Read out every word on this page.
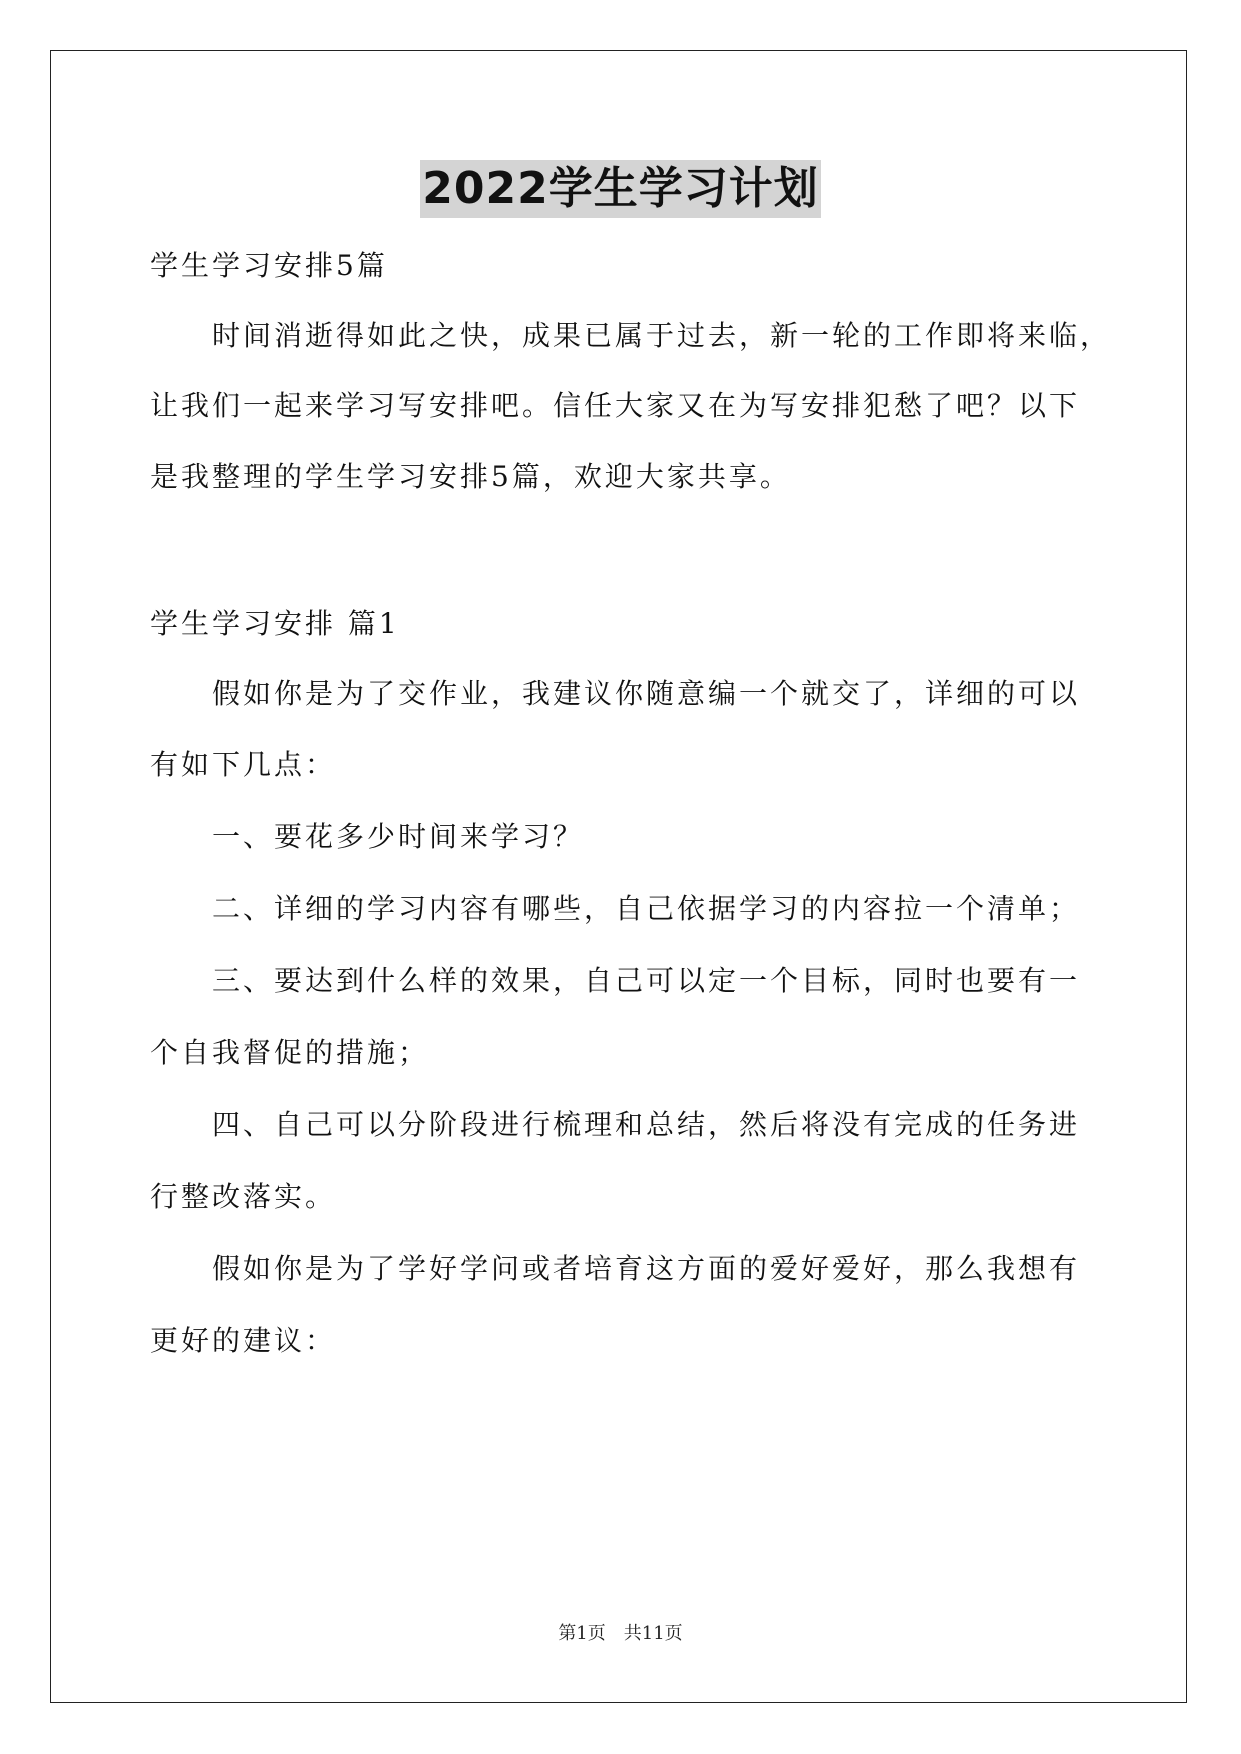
2022学生学习计划
学生学习安排5篇
时间消逝得如此之快，成果已属于过去，新一轮的工作即将来临，
让我们一起来学习写安排吧。信任大家又在为写安排犯愁了吧？以下
是我整理的学生学习安排5篇，欢迎大家共享。
学生学习安排 篇1
假如你是为了交作业，我建议你随意编一个就交了，详细的可以
有如下几点：
一、要花多少时间来学习？
二、详细的学习内容有哪些，自己依据学习的内容拉一个清单；
三、要达到什么样的效果，自己可以定一个目标，同时也要有一
个自我督促的措施；
四、自己可以分阶段进行梳理和总结，然后将没有完成的任务进
行整改落实。
假如你是为了学好学问或者培育这方面的爱好爱好，那么我想有
更好的建议：
第1页　共11页
